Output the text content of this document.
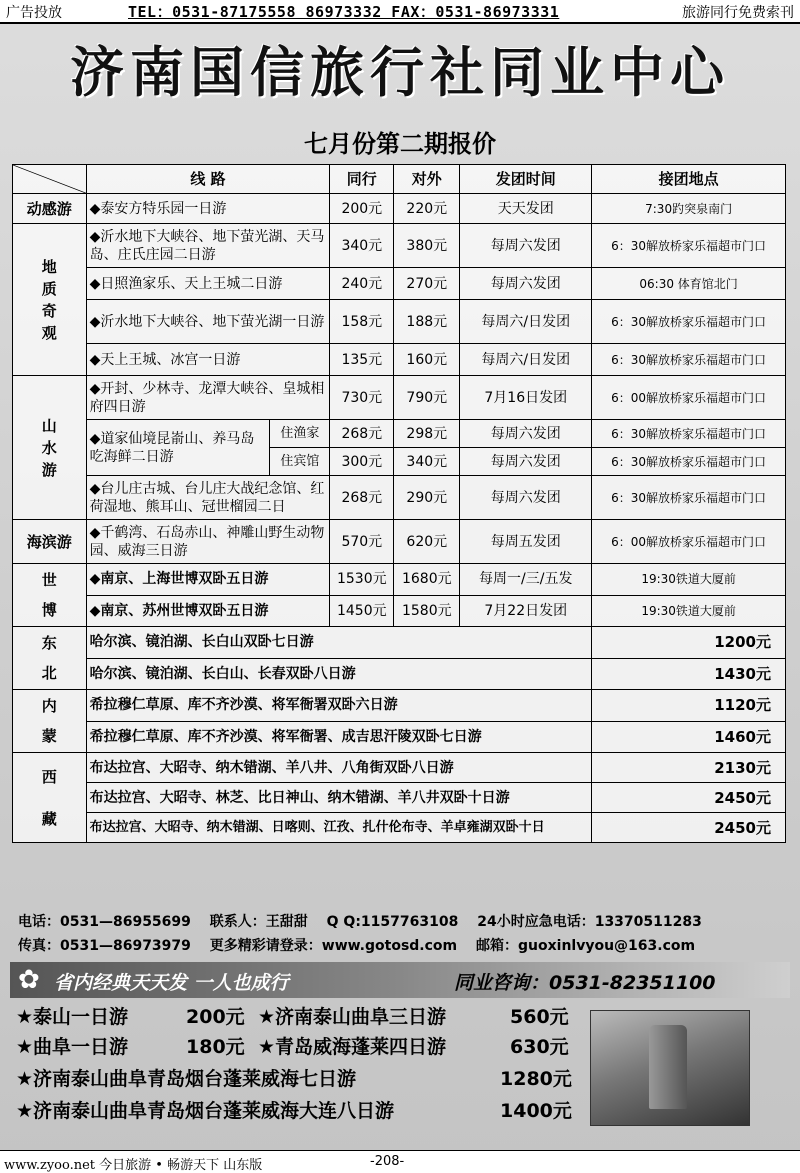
广告投放	TEL：0531-87175558 86973332 FAX：0531-86973331	旅游同行免费索刊
济南国信旅行社同业中心
七月份第二期报价
	线 路		同行	对外	发团时间	接团地点
动感游	◆泰安方特乐园一日游		200元	220元	天天发团	7:30趵突泉南门

地质奇观	◆沂水地下大峡谷、地下萤光湖、天马岛、庄氏庄园二日游		340元	380元	每周六发团	6：30解放桥家乐福超市门口
	◆日照渔家乐、天上王城二日游		240元	270元	每周六发团	06:30 体育馆北门
	◆沂水地下大峡谷、地下萤光湖一日游		158元	188元	每周六/日发团	6：30解放桥家乐福超市门口
	◆天上王城、冰宫一日游		135元	160元	每周六/日发团	6：30解放桥家乐福超市门口

山水游	◆开封、少林寺、龙潭大峡谷、皇城相府四日游		730元	790元	7月16日发团	6：00解放桥家乐福超市门口
	◆道家仙境昆嵛山、养马岛吃海鲜二日游	住渔家	268元	298元	每周六发团	6：30解放桥家乐福超市门口
		住宾馆	300元	340元	每周六发团	6：30解放桥家乐福超市门口
	◆台儿庄古城、台儿庄大战纪念馆、红荷湿地、熊耳山、冠世榴园二日		268元	290元	每周六发团	6：30解放桥家乐福超市门口
海滨游	◆千鹤湾、石岛赤山、神雕山野生动物园、威海三日游		570元	620元	每周五发团	6：00解放桥家乐福超市门口

世博	◆南京、上海世博双卧五日游		1530元	1680元	每周一/三/五发	19:30铁道大厦前
	◆南京、苏州世博双卧五日游		1450元	1580元	7月22日发团	19:30铁道大厦前

东北	哈尔滨、镜泊湖、长白山双卧七日游					1200元
	哈尔滨、镜泊湖、长白山、长春双卧八日游					1430元

内蒙	希拉穆仁草原、库不齐沙漠、将军衙署双卧六日游					1120元
	希拉穆仁草原、库不齐沙漠、将军衙署、成吉思汗陵双卧七日游					1460元

西藏	布达拉宫、大昭寺、纳木错湖、羊八井、八角街双卧八日游					2130元
	布达拉宫、大昭寺、林芝、比日神山、纳木错湖、羊八井双卧十日游					2450元
	布达拉宫、大昭寺、纳木错湖、日喀则、江孜、扎什伦布寺、羊卓雍湖双卧十日					2450元
电话：0531—86955699 联系人：王甜甜 Q Q:1157763108 24小时应急电话：13370511283
传真：0531—86973979 更多精彩请登录：www.gotosd.com 邮箱：guoxinlvyou@163.com
✿ 省内经典天天发 一人也成行	同业咨询：0531-82351100
★泰山一日游	200元 ★济南泰山曲阜三日游	560元
★曲阜一日游	180元 ★青岛威海蓬莱四日游	630元
★济南泰山曲阜青岛烟台蓬莱威海七日游	1280元
★济南泰山曲阜青岛烟台蓬莱威海大连八日游	1400元
www.zyoo.net 今日旅游 • 畅游天下 山东版	-208-
